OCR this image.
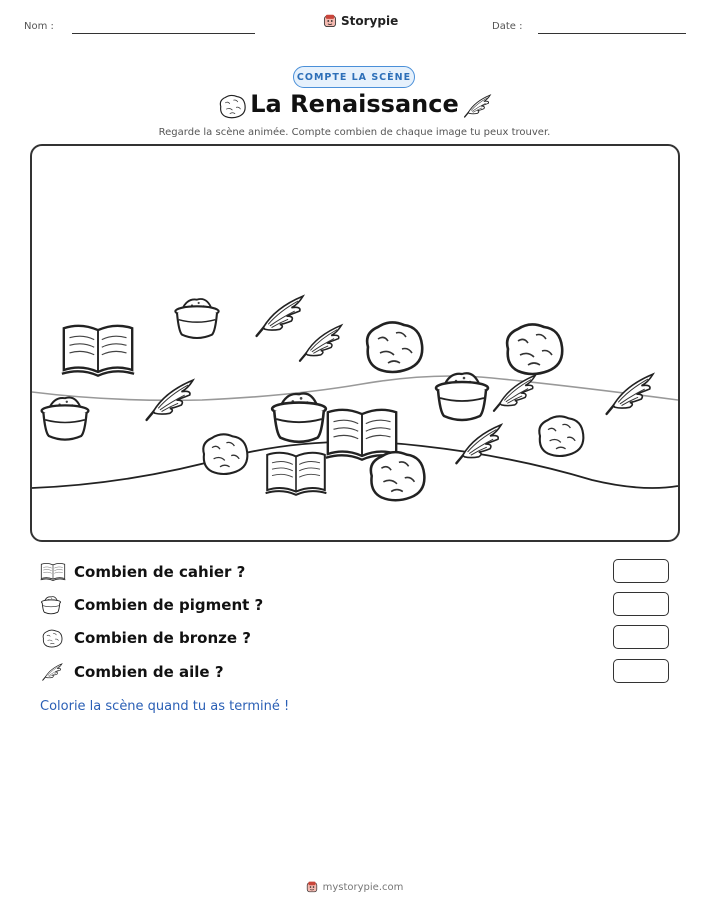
Nom :	Storypie	Date :
COMPTE LA SCÈNE
La Renaissance
Regarde la scène animée. Compte combien de chaque image tu peux trouver.
Combien de cahier ?
Combien de pigment ?
Combien de bronze ?
Combien de aile ?
Colorie la scène quand tu as terminé !
mystorypie.com
